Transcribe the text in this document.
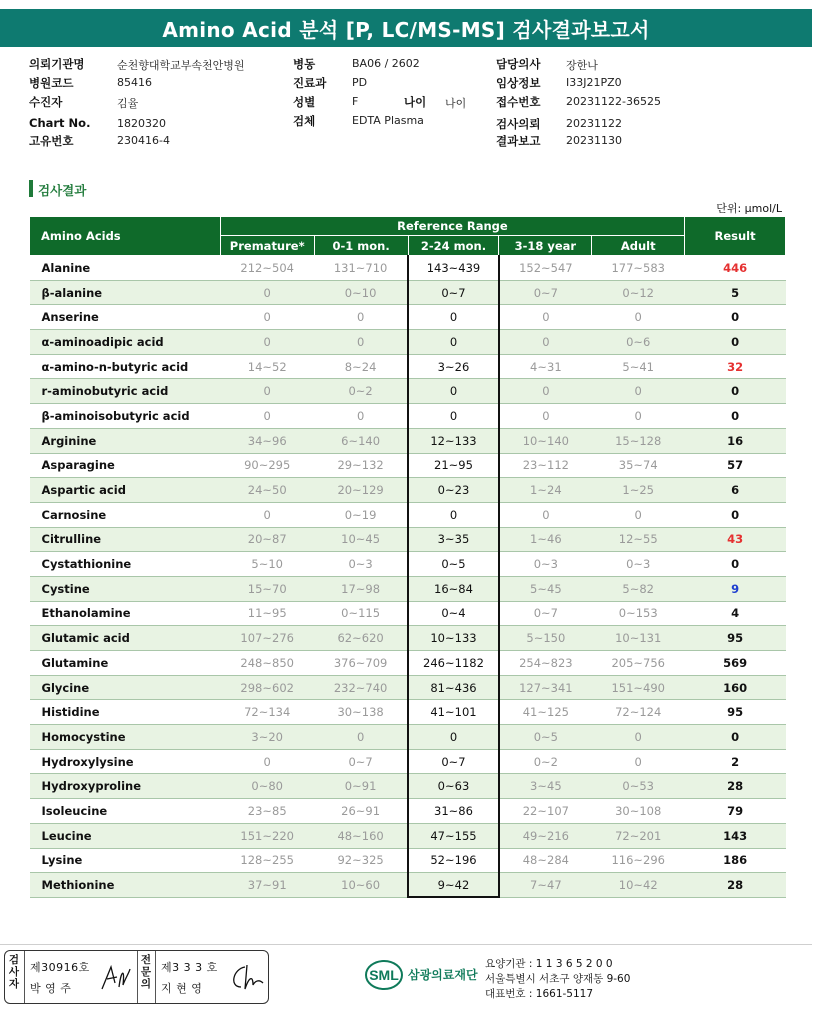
Amino Acid 분석 [P, LC/MS-MS] 검사결과보고서
의뢰기관명	순천향대학교부속천안병원
병원코드	85416
수진자	김율
Chart No. 1820320
고유번호	230416-4
병동	BA06 / 2602
진료과 PD
성별	F	나이 나이
검체	EDTA Plasma
담당의사 장한나
임상정보 I33J21PZ0
접수번호 20231122-36525
검사의뢰 20231122
결과보고 20231130
검사결과
단위: μmol/L
Amino Acids	Reference Range					Result
	Premature*	0-1 mon.	2-24 mon.	3-18 year	Adult	
Alanine	212~504	131~710	143~439	152~547	177~583	446
β-alanine	0	0~10	0~7	0~7	0~12	5
Anserine	0	0	0	0	0	0
α-aminoadipic acid	0	0	0	0	0~6	0
α-amino-n-butyric acid	14~52	8~24	3~26	4~31	5~41	32
r-aminobutyric acid	0	0~2	0	0	0	0
β-aminoisobutyric acid	0	0	0	0	0	0
Arginine	34~96	6~140	12~133	10~140	15~128	16
Asparagine	90~295	29~132	21~95	23~112	35~74	57
Aspartic acid	24~50	20~129	0~23	1~24	1~25	6
Carnosine	0	0~19	0	0	0	0
Citrulline	20~87	10~45	3~35	1~46	12~55	43
Cystathionine	5~10	0~3	0~5	0~3	0~3	0
Cystine	15~70	17~98	16~84	5~45	5~82	9
Ethanolamine	11~95	0~115	0~4	0~7	0~153	4
Glutamic acid	107~276	62~620	10~133	5~150	10~131	95
Glutamine	248~850	376~709	246~1182	254~823	205~756	569
Glycine	298~602	232~740	81~436	127~341	151~490	160
Histidine	72~134	30~138	41~101	41~125	72~124	95
Homocystine	3~20	0	0	0~5	0	0
Hydroxylysine	0	0~7	0~7	0~2	0	2
Hydroxyproline	0~80	0~91	0~63	3~45	0~53	28
Isoleucine	23~85	26~91	31~86	22~107	30~108	79
Leucine	151~220	48~160	47~155	49~216	72~201	143
Lysine	128~255	92~325	52~196	48~284	116~296	186
Methionine	37~91	10~60	9~42	7~47	10~42	28
검사자
제30916호
박 영 주
전문의
제3 3 3 호
지 현 영
SML 삼광의료재단
요양기관 : 1 1 3 6 5 2 0 0
서울특별시 서초구 양재동 9-60
대표번호 : 1661-5117
